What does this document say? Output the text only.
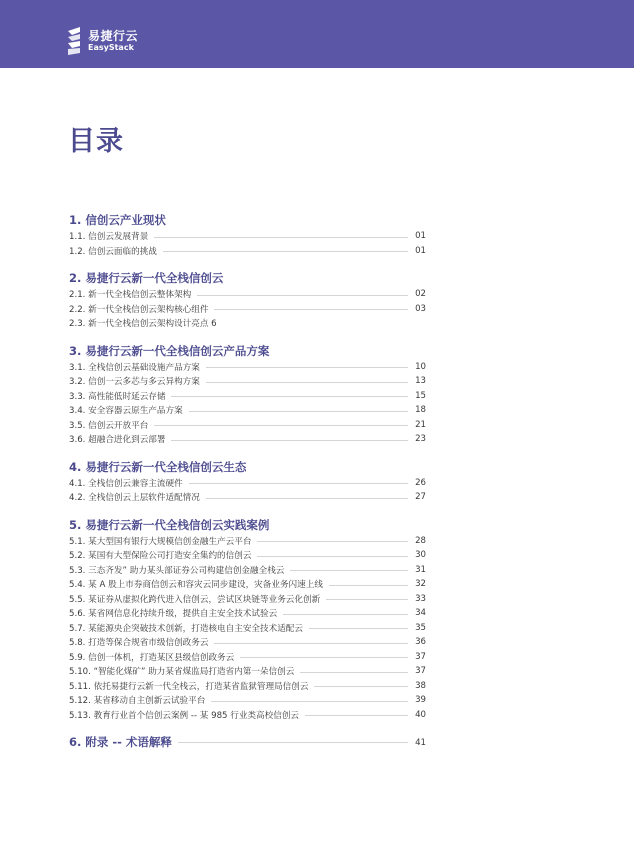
易捷行云
EasyStack
目录
1. 信创云产业现状
1.1. 信创云发展背景	01
1.2. 信创云面临的挑战	01
2. 易捷行云新一代全栈信创云
2.1. 新一代全栈信创云整体架构	02
2.2. 新一代全栈信创云架构核心组件	03
2.3. 新一代全栈信创云架构设计亮点 6
3. 易捷行云新一代全栈信创云产品方案
3.1. 全栈信创云基础设施产品方案	10
3.2. 信创一云多芯与多云异构方案	13
3.3. 高性能低时延云存储	15
3.4. 安全容器云原生产品方案	18
3.5. 信创云开放平台	21
3.6. 超融合进化到云部署	23
4. 易捷行云新一代全栈信创云生态
4.1. 全栈信创云兼容主流硬件	26
4.2. 全栈信创云上层软件适配情况	27
5. 易捷行云新一代全栈信创云实践案例
5.1. 某大型国有银行大规模信创金融生产云平台	28
5.2. 某国有大型保险公司打造安全集约的信创云	30
5.3. 三态齐发” 助力某头部证券公司构建信创金融全栈云	31
5.4. 某 A 股上市券商信创云和容灾云同步建设，灾备业务闪速上线	32
5.5. 某证券从虚拟化跨代进入信创云，尝试区块链等业务云化创新	33
5.6. 某省网信息化持续升级，提供自主安全技术试验云	34
5.7. 某能源央企突破技术创新，打造核电自主安全技术适配云	35
5.8. 打造等保合规省市级信创政务云	36
5.9. 信创一体机，打造某区县级信创政务云	37
5.10. “智能化煤矿” 助力某省煤监局打造省内第一朵信创云	37
5.11. 依托易捷行云新一代全栈云，打造某省监狱管理局信创云	38
5.12. 某省移动自主创新云试验平台	39
5.13. 教育行业首个信创云案例 -- 某 985 行业类高校信创云	40
6. 附录 -- 术语解释	41
